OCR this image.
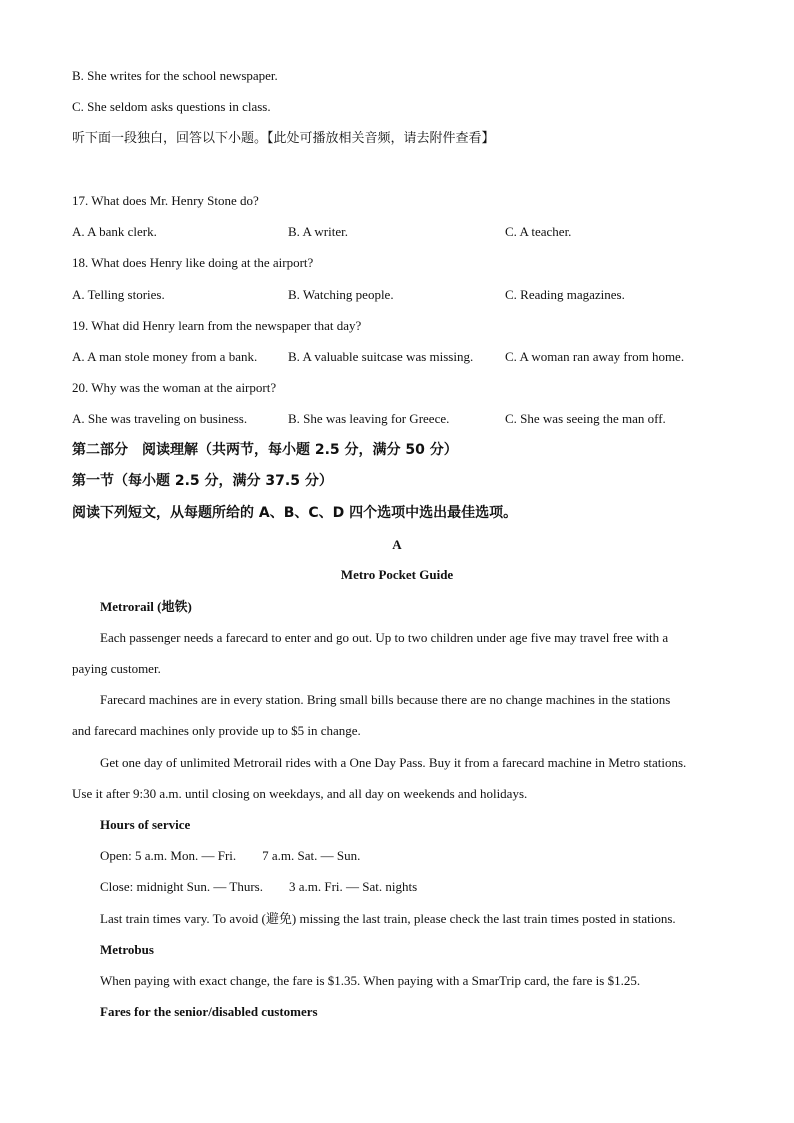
B. She writes for the school newspaper.
C. She seldom asks questions in class.
听下面一段独白，回答以下小题。【此处可播放相关音频，请去附件查看】
17. What does Mr. Henry Stone do?
A. A bank clerk.	B. A writer.	C. A teacher.
18. What does Henry like doing at the airport?
A. Telling stories.	B. Watching people.	C. Reading magazines.
19. What did Henry learn from the newspaper that day?
A. A man stole money from a bank. B. A valuable suitcase was missing. C. A woman ran away from home.
20. Why was the woman at the airport?
A. She was traveling on business.	B. She was leaving for Greece.	C. She was seeing the man off.
第二部分　阅读理解（共两节，每小题 2.5 分，满分 50 分）
第一节（每小题 2.5 分，满分 37.5 分）
阅读下列短文，从每题所给的 A、B、C、D 四个选项中选出最佳选项。
A
Metro Pocket Guide
Metrorail (地铁)
Each passenger needs a farecard to enter and go out. Up to two children under age five may travel free with a
paying customer.
Farecard machines are in every station. Bring small bills because there are no change machines in the stations
and farecard machines only provide up to $5 in change.
Get one day of unlimited Metrorail rides with a One Day Pass. Buy it from a farecard machine in Metro stations.
Use it after 9:30 a.m. until closing on weekdays, and all day on weekends and holidays.
Hours of service
Open: 5 a.m. Mon. — Fri.　　7 a.m. Sat. — Sun.
Close: midnight Sun. — Thurs.　　3 a.m. Fri. — Sat. nights
Last train times vary. To avoid (避免) missing the last train, please check the last train times posted in stations.
Metrobus
When paying with exact change, the fare is $1.35. When paying with a SmarTrip card, the fare is $1.25.
Fares for the senior/disabled customers
